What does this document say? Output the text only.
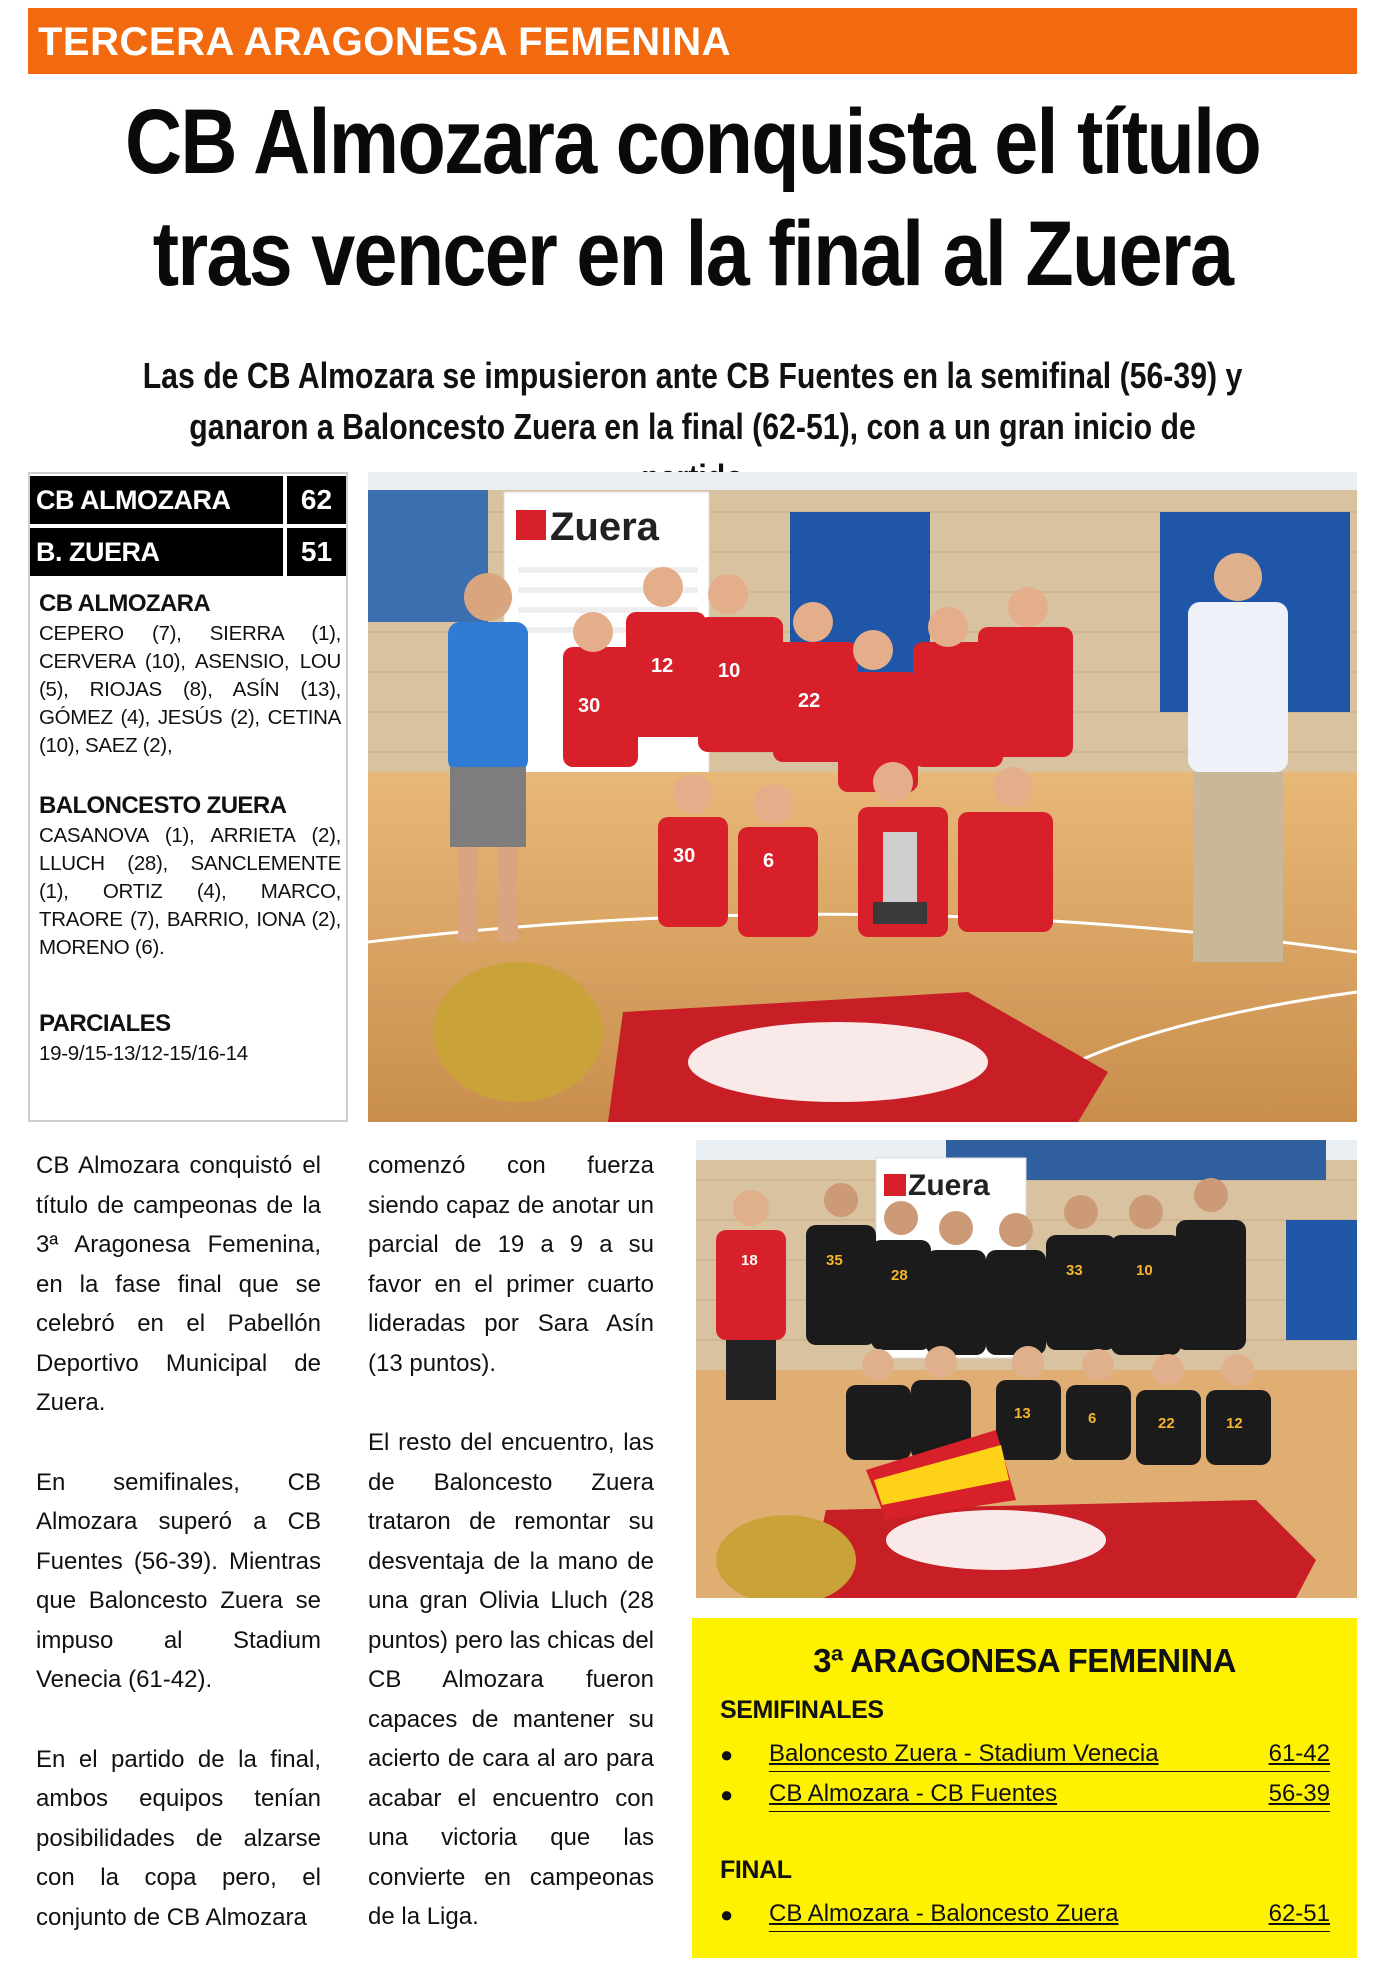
TERCERA ARAGONESA FEMENINA
CB Almozara conquista el título
tras vencer en la final al Zuera
Las de CB Almozara se impusieron ante CB Fuentes en la semifinal (56-39) y
ganaron a Baloncesto Zuera en la final (62-51), con a un gran inicio de
CB ALMOZARA	62
B. ZUERA	51
CB ALMOZARA
CEPERO (7), SIERRA (1), CERVERA (10), ASENSIO, LOU (5), RIOJAS (8), ASÍN (13), GÓMEZ (4), JESÚS (2), CETINA (10), SAEZ (2),
BALONCESTO ZUERA
CASANOVA (1), ARRIETA (2), LLUCH (28), SANCLEMENTE (1), ORTIZ (4), MARCO, TRAORE (7), BARRIO, IONA (2), MORENO (6).
PARCIALES
19-9/15-13/12-15/16-14
Zuera
12 10
22
30	6
30

CB Almozara conquistó el título de campeonas de la 3ª Aragonesa Femenina, en la fase final que se celebró en el Pabellón Deportivo Municipal de Zuera.

En semifinales, CB Almozara superó a CB Fuentes (56-39). Mientras que Baloncesto Zuera se impuso al Stadium Venecia (61-42).

En el partido de la final, ambos equipos tenían posibilidades de alzarse con la copa pero, el conjunto de CB Almozara

comenzó con fuerza siendo capaz de anotar un parcial de 19 a 9 a su favor en el primer cuarto lideradas por Sara Asín (13 puntos).

El resto del encuentro, las de Baloncesto Zuera trataron de remontar su desventaja de la mano de una gran Olivia Lluch (28 puntos) pero las chicas del CB Almozara fueron capaces de mantener su acierto de cara al aro para acabar el encuentro con una victoria que las convierte en campeonas de la Liga.

Zuera
18	35
28	33	10
13	6	22	12
3ª ARAGONESA FEMENINA
SEMIFINALES
● Baloncesto Zuera - Stadium Venecia	61-42
● CB Almozara - CB Fuentes	56-39
FINAL
● CB Almozara - Baloncesto Zuera	62-51
